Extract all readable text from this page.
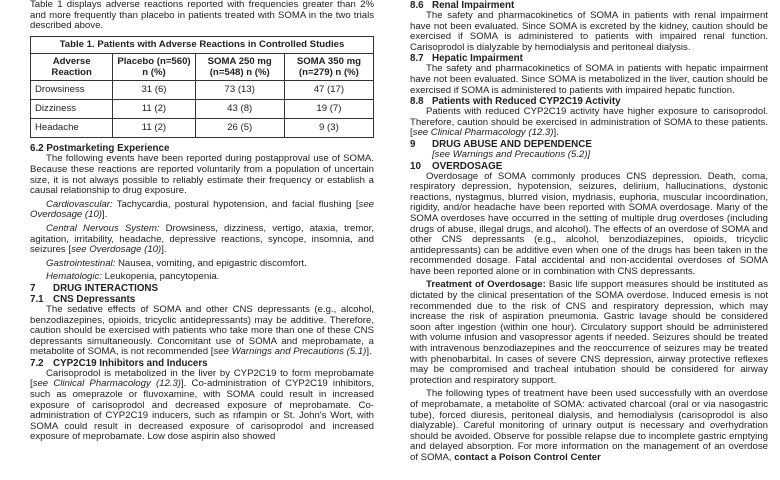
Table 1 displays adverse reactions reported with frequencies greater than 2% and more frequently than placebo in patients treated with SOMA in the two trials described above.

Table 1. Patients with Adverse Reactions in Controlled Studies
Adverse Reaction	Placebo (n=560) n (%)	SOMA 250 mg (n=548) n (%)	SOMA 350 mg (n=279) n (%)
Drowsiness	31 (6)	73 (13)	47 (17)
Dizziness	11 (2)	43 (8)	19 (7)
Headache	11 (2)	26 (5)	9 (3)
6.2 Postmarketing Experience

The following events have been reported during postapproval use of SOMA. Because these reactions are reported voluntarily from a population of uncertain size, it is not always possible to reliably estimate their frequency or establish a causal relationship to drug exposure.

Cardiovascular: Tachycardia, postural hypotension, and facial flushing [see Overdosage (10)].

Central Nervous System: Drowsiness, dizziness, vertigo, ataxia, tremor, agitation, irritability, headache, depressive reactions, syncope, insomnia, and seizures [see Overdosage (10)].

Gastrointestinal: Nausea, vomiting, and epigastric discomfort.

Hematologic: Leukopenia, pancytopenia.

7 DRUG INTERACTIONS
7.1 CNS Depressants

The sedative effects of SOMA and other CNS depressants (e.g., alcohol, benzodiazepines, opioids, tricyclic antidepressants) may be additive. Therefore, caution should be exercised with patients who take more than one of these CNS depressants simultaneously. Concomitant use of SOMA and meprobamate, a metabolite of SOMA, is not recommended [see Warnings and Precautions (5.1)].

7.2 CYP2C19 Inhibitors and Inducers

Carisoprodol is metabolized in the liver by CYP2C19 to form meprobamate [see Clinical Pharmacology (12.3)]. Co-administration of CYP2C19 inhibitors, such as omeprazole or fluvoxamine, with SOMA could result in increased exposure of carisoprodol and decreased exposure of meprobamate. Co-administration of CYP2C19 inducers, such as rifampin or St. John's Wort, with SOMA could result in decreased exposure of carisoprodol and increased exposure of meprobamate. Low dose aspirin also showed

8.6 Renal Impairment

The safety and pharmacokinetics of SOMA in patients with renal impairment have not been evaluated. Since SOMA is excreted by the kidney, caution should be exercised if SOMA is administered to patients with impaired renal function. Carisoprodol is dialyzable by hemodialysis and peritoneal dialysis.

8.7 Hepatic Impairment

The safety and pharmacokinetics of SOMA in patients with hepatic impairment have not been evaluated. Since SOMA is metabolized in the liver, caution should be exercised if SOMA is administered to patients with impaired hepatic function.

8.8 Patients with Reduced CYP2C19 Activity

Patients with reduced CYP2C19 activity have higher exposure to carisoprodol. Therefore, caution should be exercised in administration of SOMA to these patients. [see Clinical Pharmacology (12.3)].

9 DRUG ABUSE AND DEPENDENCE

[see Warnings and Precautions (5.2)]

10 OVERDOSAGE

Overdosage of SOMA commonly produces CNS depression. Death, coma, respiratory depression, hypotension, seizures, delirium, hallucinations, dystonic reactions, nystagmus, blurred vision, mydriasis, euphoria, muscular incoordination, rigidity, and/or headache have been reported with SOMA overdosage. Many of the SOMA overdoses have occurred in the setting of multiple drug overdoses (including drugs of abuse, illegal drugs, and alcohol). The effects of an overdose of SOMA and other CNS depressants (e.g., alcohol, benzodiazepines, opioids, tricyclic antidepressants) can be additive even when one of the drugs has been taken in the recommended dosage. Fatal accidental and non-accidental overdoses of SOMA have been reported alone or in combination with CNS depressants.

Treatment of Overdosage: Basic life support measures should be instituted as dictated by the clinical presentation of the SOMA overdose. Induced emesis is not recommended due to the risk of CNS and respiratory depression, which may increase the risk of aspiration pneumonia. Gastric lavage should be considered soon after ingestion (within one hour). Circulatory support should be administered with volume infusion and vasopressor agents if needed. Seizures should be treated with intravenous benzodiazepines and the reoccurrence of seizures may be treated with phenobarbital. In cases of severe CNS depression, airway protective reflexes may be compromised and tracheal intubation should be considered for airway protection and respiratory support.

The following types of treatment have been used successfully with an overdose of meprobamate, a metabolite of SOMA: activated charcoal (oral or via nasogastric tube), forced diuresis, peritoneal dialysis, and hemodialysis (carisoprodol is also dialyzable). Careful monitoring of urinary output is necessary and overhydration should be avoided. Observe for possible relapse due to incomplete gastric emptying and delayed absorption. For more information on the management of an overdose of SOMA, contact a Poison Control Center
